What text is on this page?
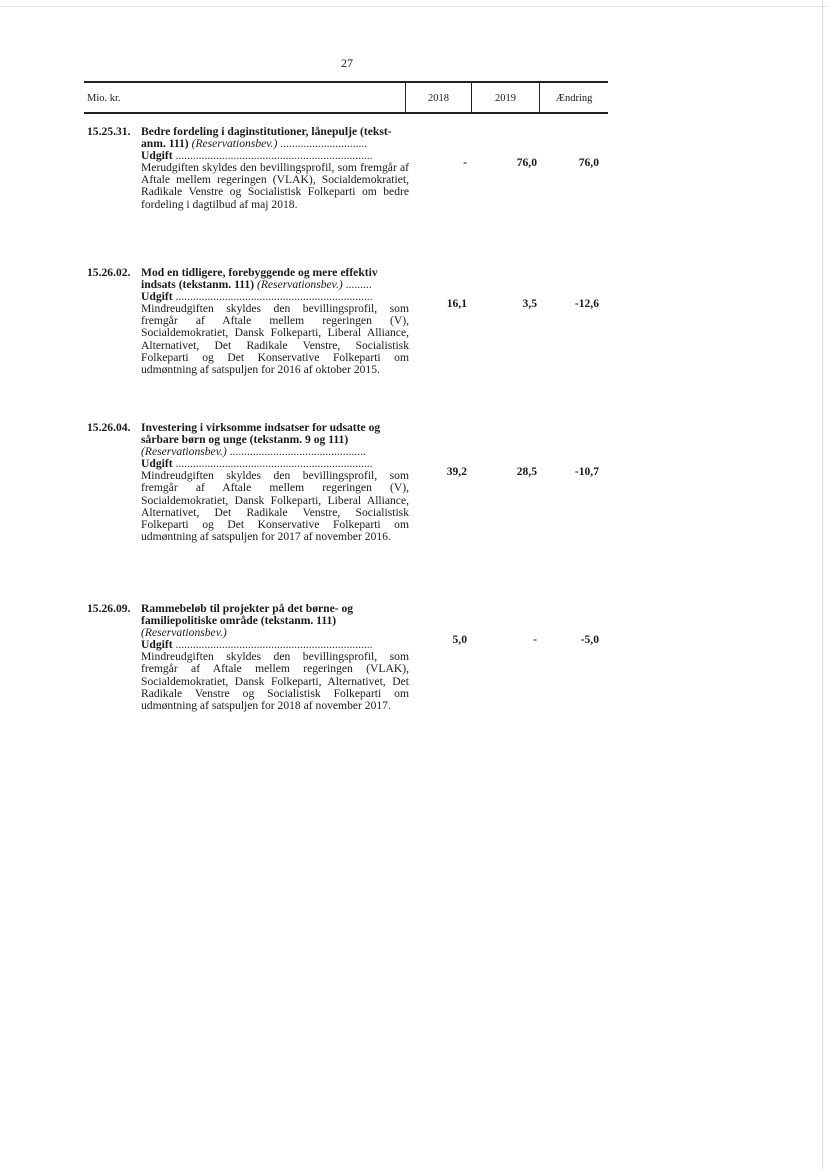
27
Mio. kr.	2018	2019	Ændring
15.25.31. Bedre fordeling i daginstitutioner, lånepulje (tekst-anm. 111) (Reservationsbev.) ..............................
Udgift ....................................................................
Merudgiften skyldes den bevillingsprofil, som fremgår af Aftale mellem regeringen (VLAK), Socialdemokratiet, Radikale Venstre og Socialistisk Folkeparti om bedre fordeling i dagtilbud af maj 2018.
-	76,0	76,0
15.26.02. Mod en tidligere, forebyggende og mere effektiv indsats (tekstanm. 111) (Reservationsbev.) .........
Udgift ....................................................................
Mindreudgiften skyldes den bevillingsprofil, som fremgår af Aftale mellem regeringen (V), Socialdemokratiet, Dansk Folkeparti, Liberal Alliance, Alternativet, Det Radikale Venstre, Socialistisk Folkeparti og Det Konservative Folkeparti om udmøntning af satspuljen for 2016 af oktober 2015.
16,1	3,5	-12,6
15.26.04. Investering i virksomme indsatser for udsatte og sårbare børn og unge (tekstanm. 9 og 111) (Reservationsbev.) ...............................................
Udgift ....................................................................
Mindreudgiften skyldes den bevillingsprofil, som fremgår af Aftale mellem regeringen (V), Socialdemokratiet, Dansk Folkeparti, Liberal Alliance, Alternativet, Det Radikale Venstre, Socialistisk Folkeparti og Det Konservative Folkeparti om udmøntning af satspuljen for 2017 af november 2016.
39,2	28,5	-10,7
15.26.09. Rammebeløb til projekter på det børne- og familiepolitiske område (tekstanm. 111) (Reservationsbev.)
Udgift ....................................................................
Mindreudgiften skyldes den bevillingsprofil, som fremgår af Aftale mellem regeringen (VLAK), Socialdemokratiet, Dansk Folkeparti, Alternativet, Det Radikale Venstre og Socialistisk Folkeparti om udmøntning af satspuljen for 2018 af november 2017.
5,0	-	-5,0
